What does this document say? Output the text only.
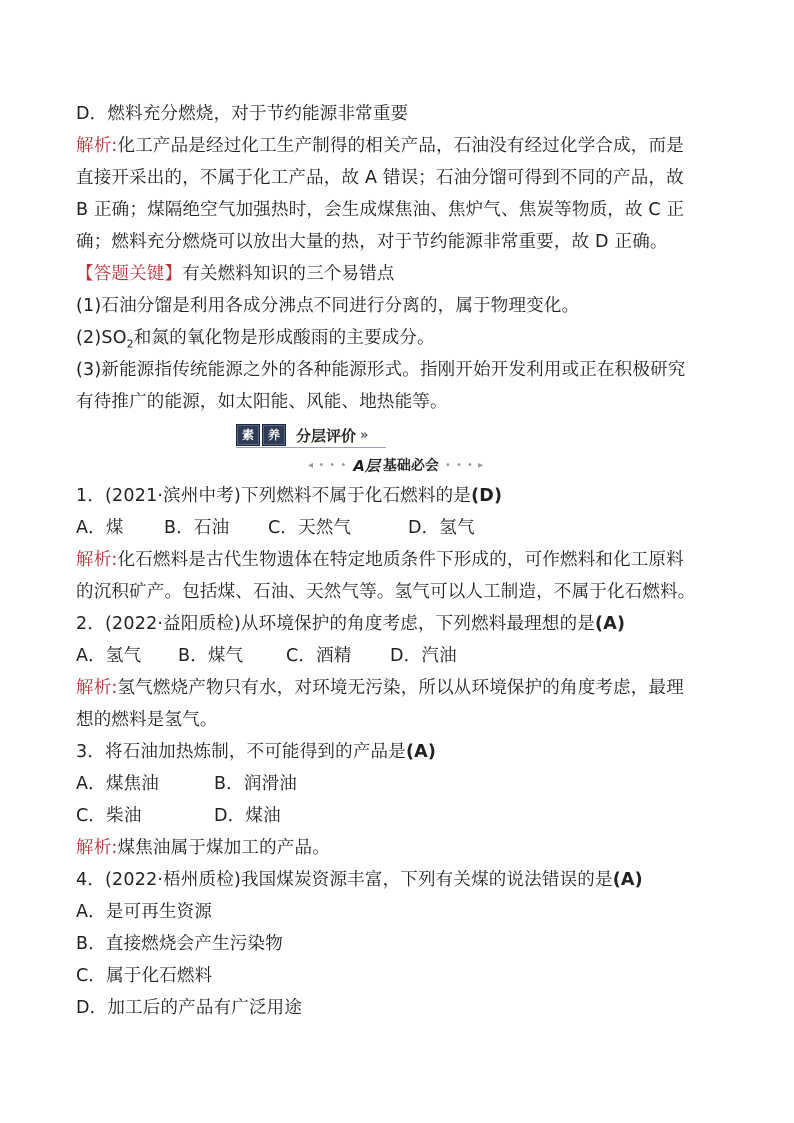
D．燃料充分燃烧，对于节约能源非常重要
解析:化工产品是经过化工生产制得的相关产品，石油没有经过化学合成，而是
直接开采出的，不属于化工产品，故 A 错误；石油分馏可得到不同的产品，故
B 正确；煤隔绝空气加强热时，会生成煤焦油、焦炉气、焦炭等物质，故 C 正
确；燃料充分燃烧可以放出大量的热，对于节约能源非常重要，故 D 正确。
【答题关键】有关燃料知识的三个易错点
(1)石油分馏是利用各成分沸点不同进行分离的，属于物理变化。
$(2)SO_2$和氮的氧化物是形成酸雨的主要成分。
(3)新能源指传统能源之外的各种能源形式。指刚开始开发利用或正在积极研究
有待推广的能源，如太阳能、风能、地热能等。
素	养	分层评价 »
◂ • • • A层 基础必会 • • • ▸
1．(2021·滨州中考)下列燃料不属于化石燃料的是(D)
A．煤 B．石油 C．天然气	D．氢气
解析:化石燃料是古代生物遗体在特定地质条件下形成的，可作燃料和化工原料
的沉积矿产。包括煤、石油、天然气等。氢气可以人工制造，不属于化石燃料。
2．(2022·益阳质检)从环境保护的角度考虑，下列燃料最理想的是(A)
A．氢气 B．煤气 C．酒精 D．汽油
解析:氢气燃烧产物只有水，对环境无污染，所以从环境保护的角度考虑，最理
想的燃料是氢气。
3．将石油加热炼制，不可能得到的产品是(A)
A．煤焦油	B．润滑油
C．柴油	D．煤油
解析:煤焦油属于煤加工的产品。
4．(2022·梧州质检)我国煤炭资源丰富，下列有关煤的说法错误的是(A)
A．是可再生资源
B．直接燃烧会产生污染物
C．属于化石燃料
D．加工后的产品有广泛用途
